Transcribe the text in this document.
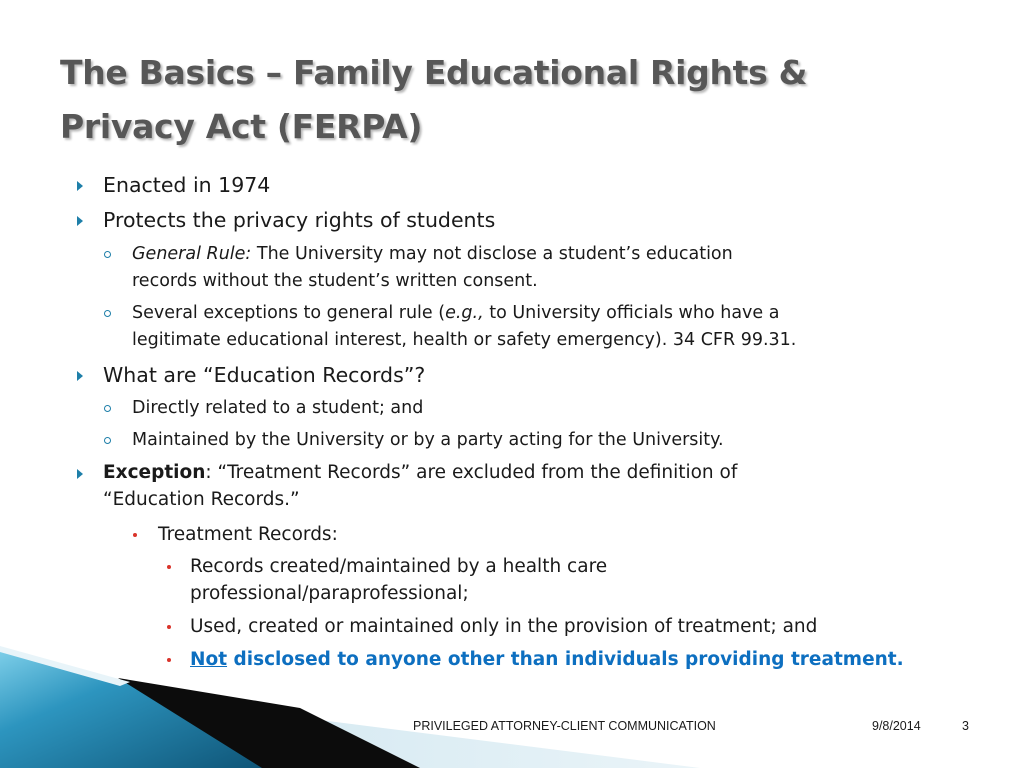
The Basics – Family Educational Rights &
Privacy Act (FERPA)

Enacted in 1974

Protects the privacy rights of students

General Rule: The University may not disclose a student’s education

records without the student’s written consent.

Several exceptions to general rule (e.g., to University officials who have a

legitimate educational interest, health or safety emergency). 34 CFR 99.31.

What are “Education Records”?

Directly related to a student; and

Maintained by the University or by a party acting for the University.

Exception: “Treatment Records” are excluded from the definition of

“Education Records.”

Treatment Records:

Records created/maintained by a health care

professional/paraprofessional;

Used, created or maintained only in the provision of treatment; and

Not disclosed to anyone other than individuals providing treatment.

PRIVILEGED ATTORNEY-CLIENT COMMUNICATION	9/8/2014	3
